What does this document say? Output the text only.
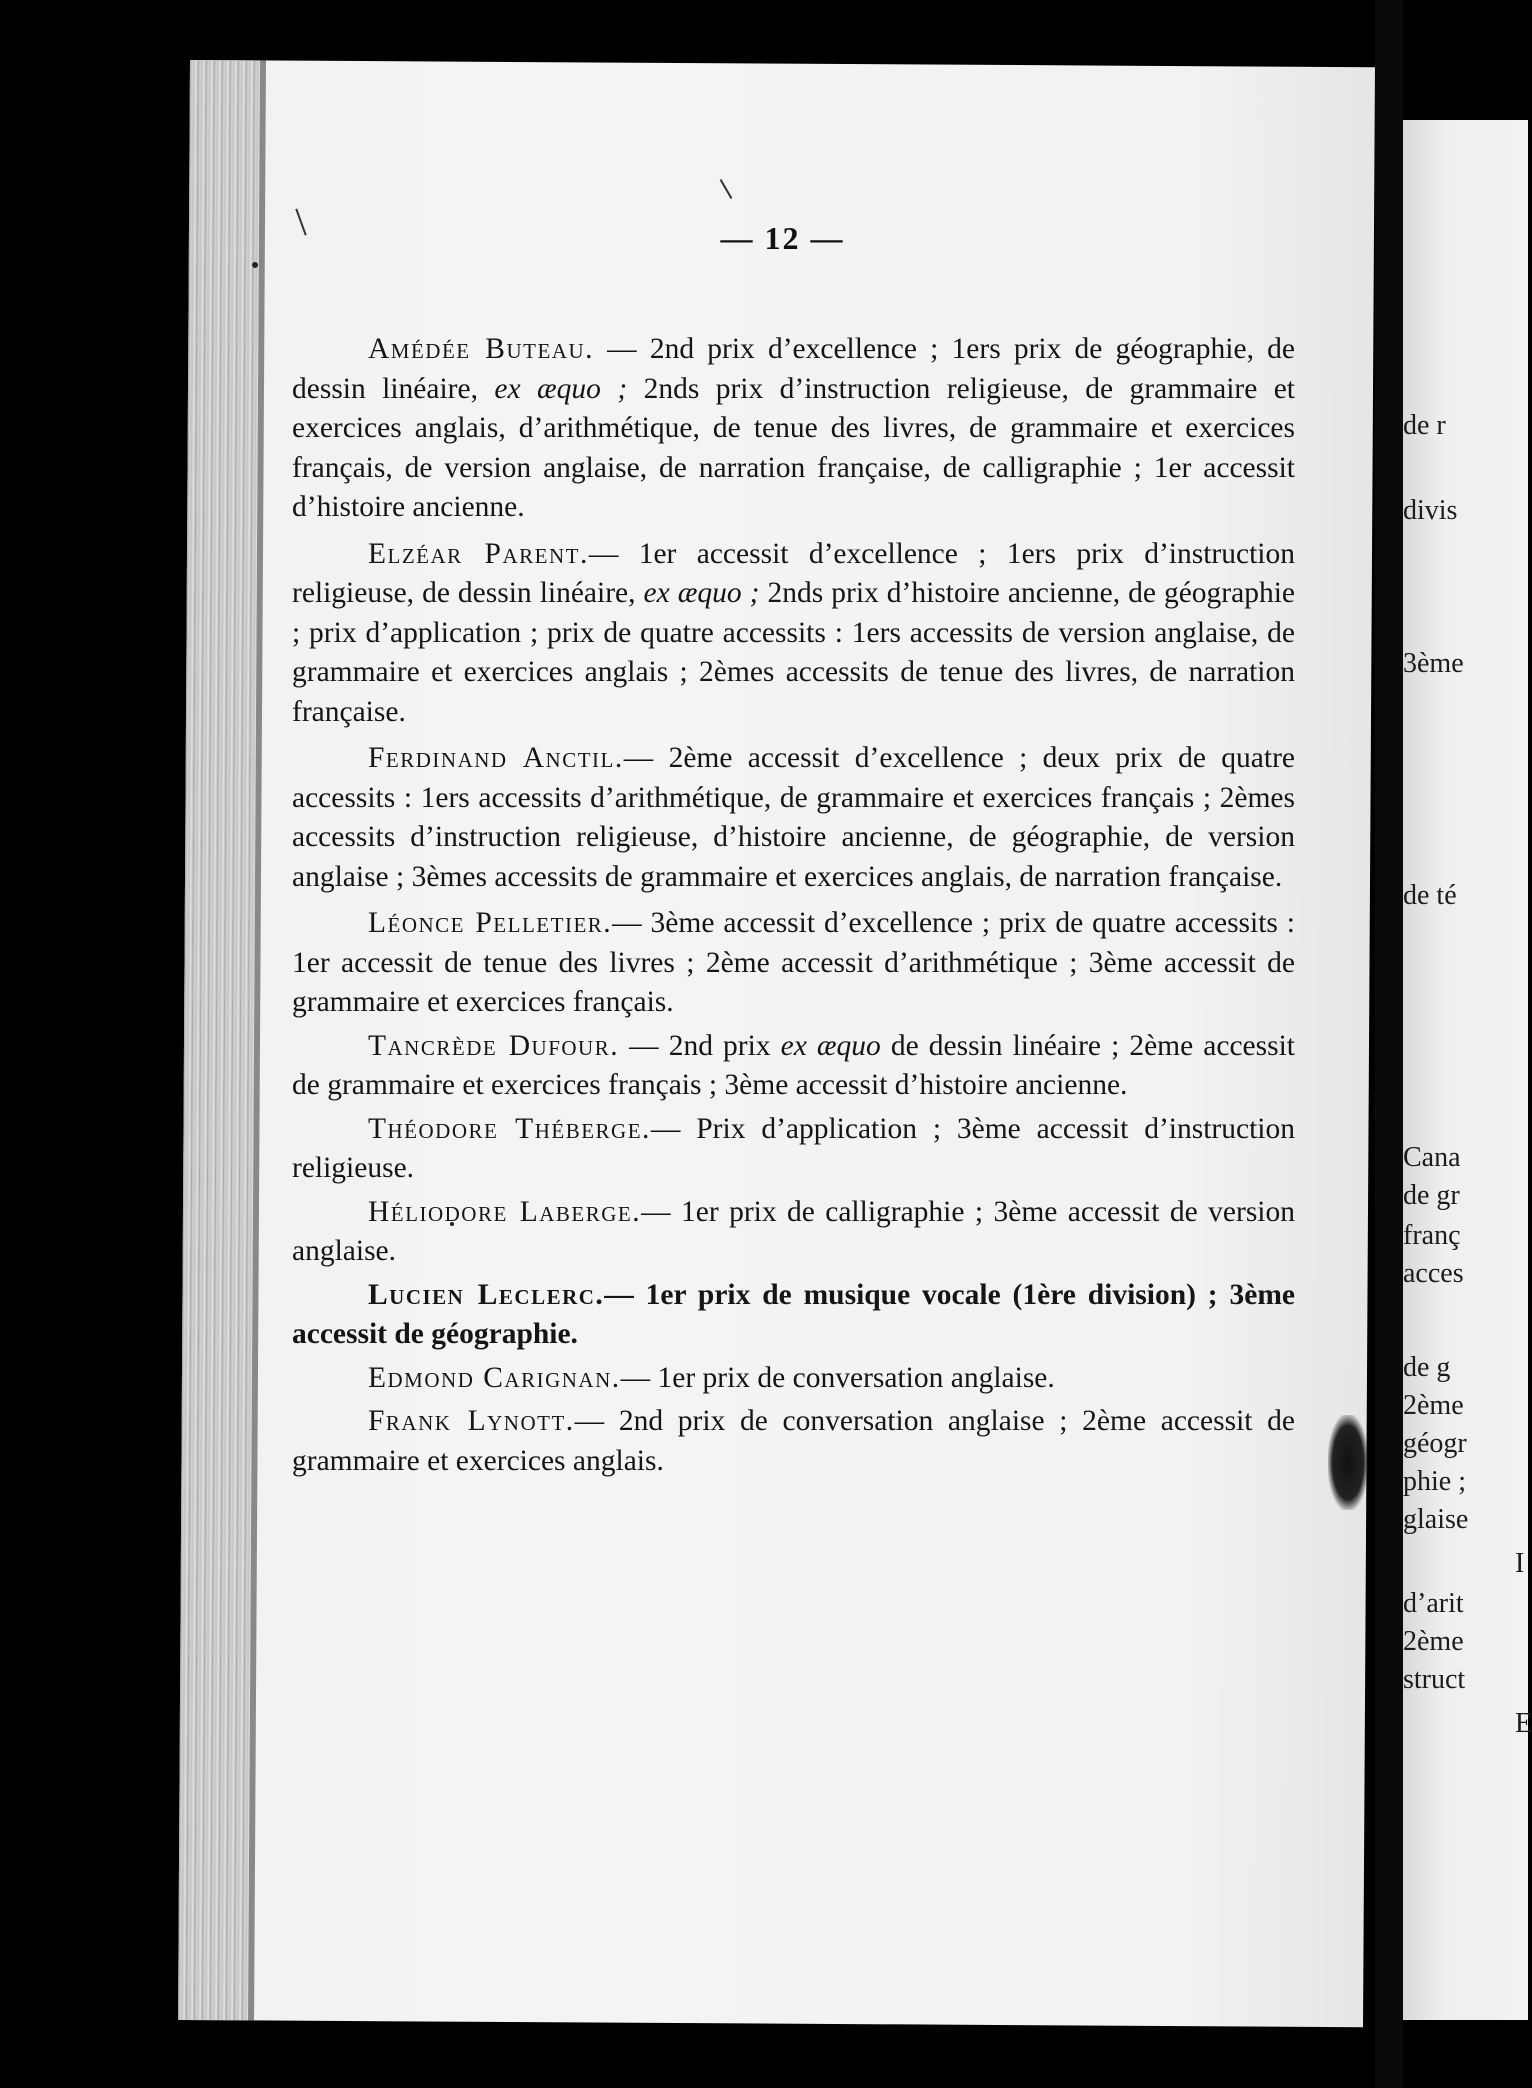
de r
divis
3ème
de té
Cana
de gr
franç
acces
de g
2ème
géogr
phie ;
glaise
I
d’arit
2ème
struct
E
— 12 —

Amédée Buteau. — 2nd prix d’excellence ; 1ers prix de géographie, de dessin linéaire, ex æquo ; 2nds prix d’instruction religieuse, de grammaire et exercices anglais, d’arithmétique, de tenue des livres, de grammaire et exercices français, de version anglaise, de narration française, de calligraphie ; 1er accessit d’histoire ancienne.

Elzéar Parent.— 1er accessit d’excellence ; 1ers prix d’instruction religieuse, de dessin linéaire, ex æquo ; 2nds prix d’histoire ancienne, de géographie ; prix d’application ; prix de quatre accessits : 1ers accessits de version anglaise, de grammaire et exercices anglais ; 2èmes accessits de tenue des livres, de narration française.

Ferdinand Anctil.— 2ème accessit d’excellence ; deux prix de quatre accessits : 1ers accessits d’arithmétique, de grammaire et exercices français ; 2èmes accessits d’instruction religieuse, d’histoire ancienne, de géographie, de version anglaise ; 3èmes accessits de grammaire et exercices anglais, de narration française.

Léonce Pelletier.— 3ème accessit d’excellence ; prix de quatre accessits : 1er accessit de tenue des livres ; 2ème accessit d’arithmétique ; 3ème accessit de grammaire et exercices français.

Tancrède Dufour. — 2nd prix ex æquo de dessin linéaire ; 2ème accessit de grammaire et exercices français ; 3ème accessit d’histoire ancienne.

Théodore Théberge.— Prix d’application ; 3ème accessit d’instruction religieuse.

Héliodore Laberge.— 1er prix de calligraphie ; 3ème accessit de version anglaise.

Lucien Leclerc.— 1er prix de musique vocale (1ère division) ; 3ème accessit de géographie.

Edmond Carignan.— 1er prix de conversation anglaise.

Frank Lynott.— 2nd prix de conversation anglaise ; 2ème accessit de grammaire et exercices anglais.
